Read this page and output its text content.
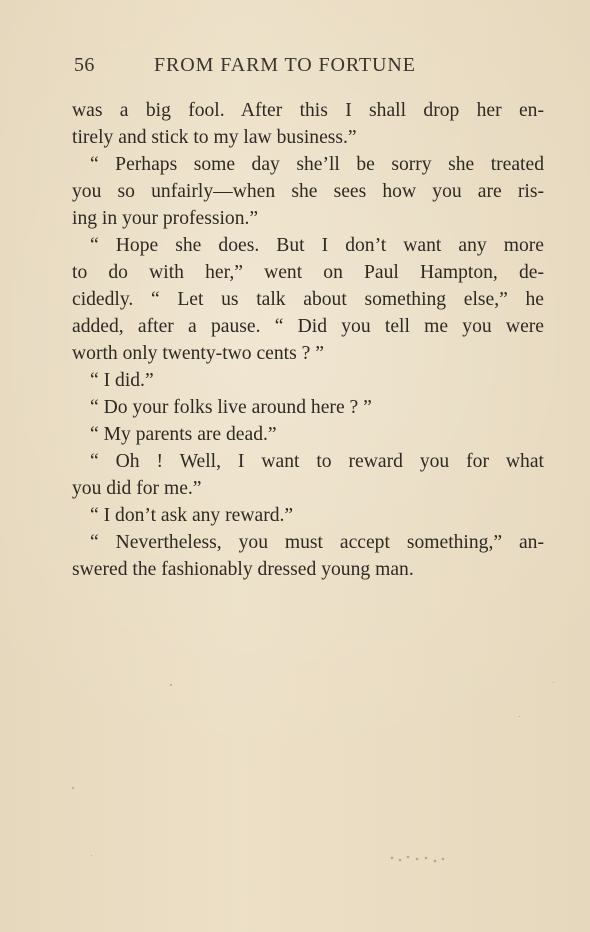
56	FROM FARM TO FORTUNE
was a big fool. After this I shall drop her en-
tirely and stick to my law business.”
“ Perhaps some day she’ll be sorry she treated
you so unfairly—when she sees how you are ris-
ing in your profession.”
“ Hope she does. But I don’t want any more
to do with her,” went on Paul Hampton, de-
cidedly. “ Let us talk about something else,” he
added, after a pause. “ Did you tell me you were
worth only twenty-two cents ? ”
“ I did.”
“ Do your folks live around here ? ”
“ My parents are dead.”
“ Oh ! Well, I want to reward you for what
you did for me.”
“ I don’t ask any reward.”
“ Nevertheless, you must accept something,” an-
swered the fashionably dressed young man.
